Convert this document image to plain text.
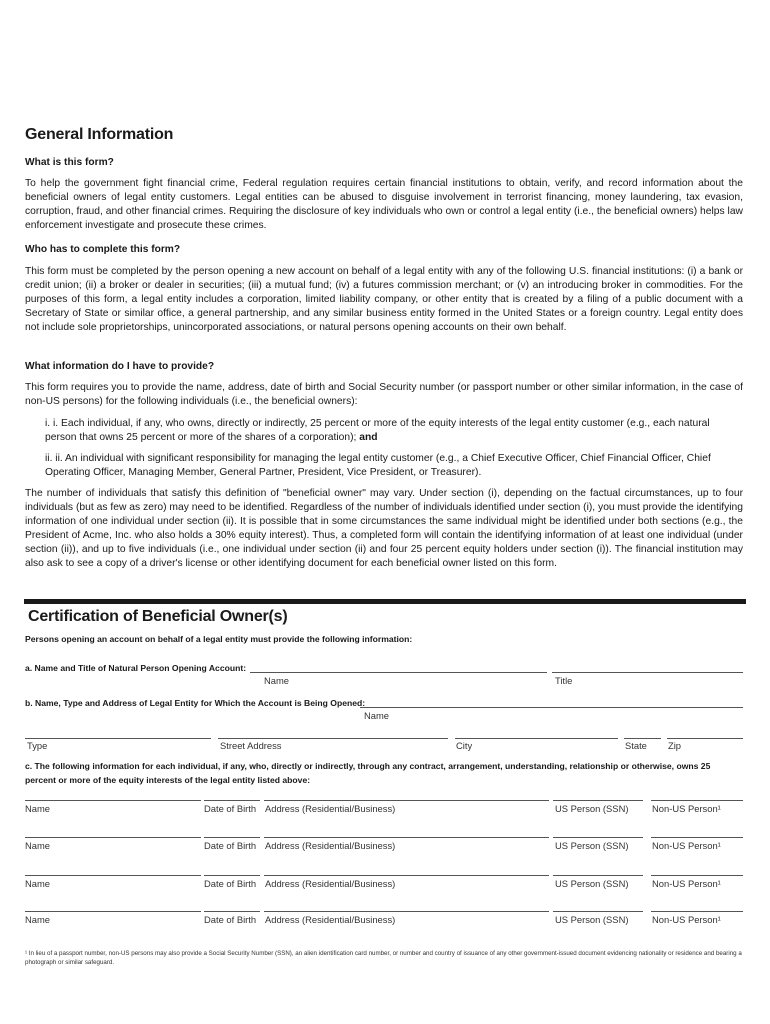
General Information

What is this form?

To help the government fight financial crime, Federal regulation requires certain financial institutions to obtain, verify, and record information about the beneficial owners of legal entity customers. Legal entities can be abused to disguise involvement in terrorist financing, money laundering, tax evasion, corruption, fraud, and other financial crimes. Requiring the disclosure of key individuals who own or control a legal entity (i.e., the beneficial owners) helps law enforcement investigate and prosecute these crimes.

Who has to complete this form?

This form must be completed by the person opening a new account on behalf of a legal entity with any of the following U.S. financial institutions: (i) a bank or credit union; (ii) a broker or dealer in securities; (iii) a mutual fund; (iv) a futures commission merchant; or (v) an introducing broker in commodities. For the purposes of this form, a legal entity includes a corporation, limited liability company, or other entity that is created by a filing of a public document with a Secretary of State or similar office, a general partnership, and any similar business entity formed in the United States or a foreign country. Legal entity does not include sole proprietorships, unincorporated associations, or natural persons opening accounts on their own behalf.

What information do I have to provide?

This form requires you to provide the name, address, date of birth and Social Security number (or passport number or other similar information, in the case of non-US persons) for the following individuals (i.e., the beneficial owners):

i. i. Each individual, if any, who owns, directly or indirectly, 25 percent or more of the equity interests of the legal entity customer (e.g., each natural person that owns 25 percent or more of the shares of a corporation); and

ii. ii. An individual with significant responsibility for managing the legal entity customer (e.g., a Chief Executive Officer, Chief Financial Officer, Chief Operating Officer, Managing Member, General Partner, President, Vice President, or Treasurer).

The number of individuals that satisfy this definition of "beneficial owner" may vary. Under section (i), depending on the factual circumstances, up to four individuals (but as few as zero) may need to be identified. Regardless of the number of individuals identified under section (i), you must provide the identifying information of one individual under section (ii). It is possible that in some circumstances the same individual might be identified under both sections (e.g., the President of Acme, Inc. who also holds a 30% equity interest). Thus, a completed form will contain the identifying information of at least one individual (under section (ii)), and up to five individuals (i.e., one individual under section (ii) and four 25 percent equity holders under section (i)). The financial institution may also ask to see a copy of a driver's license or other identifying document for each beneficial owner listed on this form.

Certification of Beneficial Owner(s)

Persons opening an account on behalf of a legal entity must provide the following information:

a. Name and Title of Natural Person Opening Account:

Name	Title

b. Name, Type and Address of Legal Entity for Which the Account is Being Opened:

Name
Type	Street Address	City	State Zip

c. The following information for each individual, if any, who, directly or indirectly, through any contract, arrangement, understanding, relationship or otherwise, owns 25 percent or more of the equity interests of the legal entity listed above:

Name	Date of Birth Address (Residential/Business)	US Person (SSN)	Non-US Person¹
Name	Date of Birth Address (Residential/Business)	US Person (SSN)	Non-US Person¹
Name	Date of Birth Address (Residential/Business)	US Person (SSN)	Non-US Person¹
Name	Date of Birth Address (Residential/Business)	US Person (SSN)	Non-US Person¹
¹ In lieu of a passport number, non-US persons may also provide a Social Security Number (SSN), an alien identification card number, or number and country of issuance of any other government-issued document evidencing nationality or residence and bearing a photograph or similar safeguard.
